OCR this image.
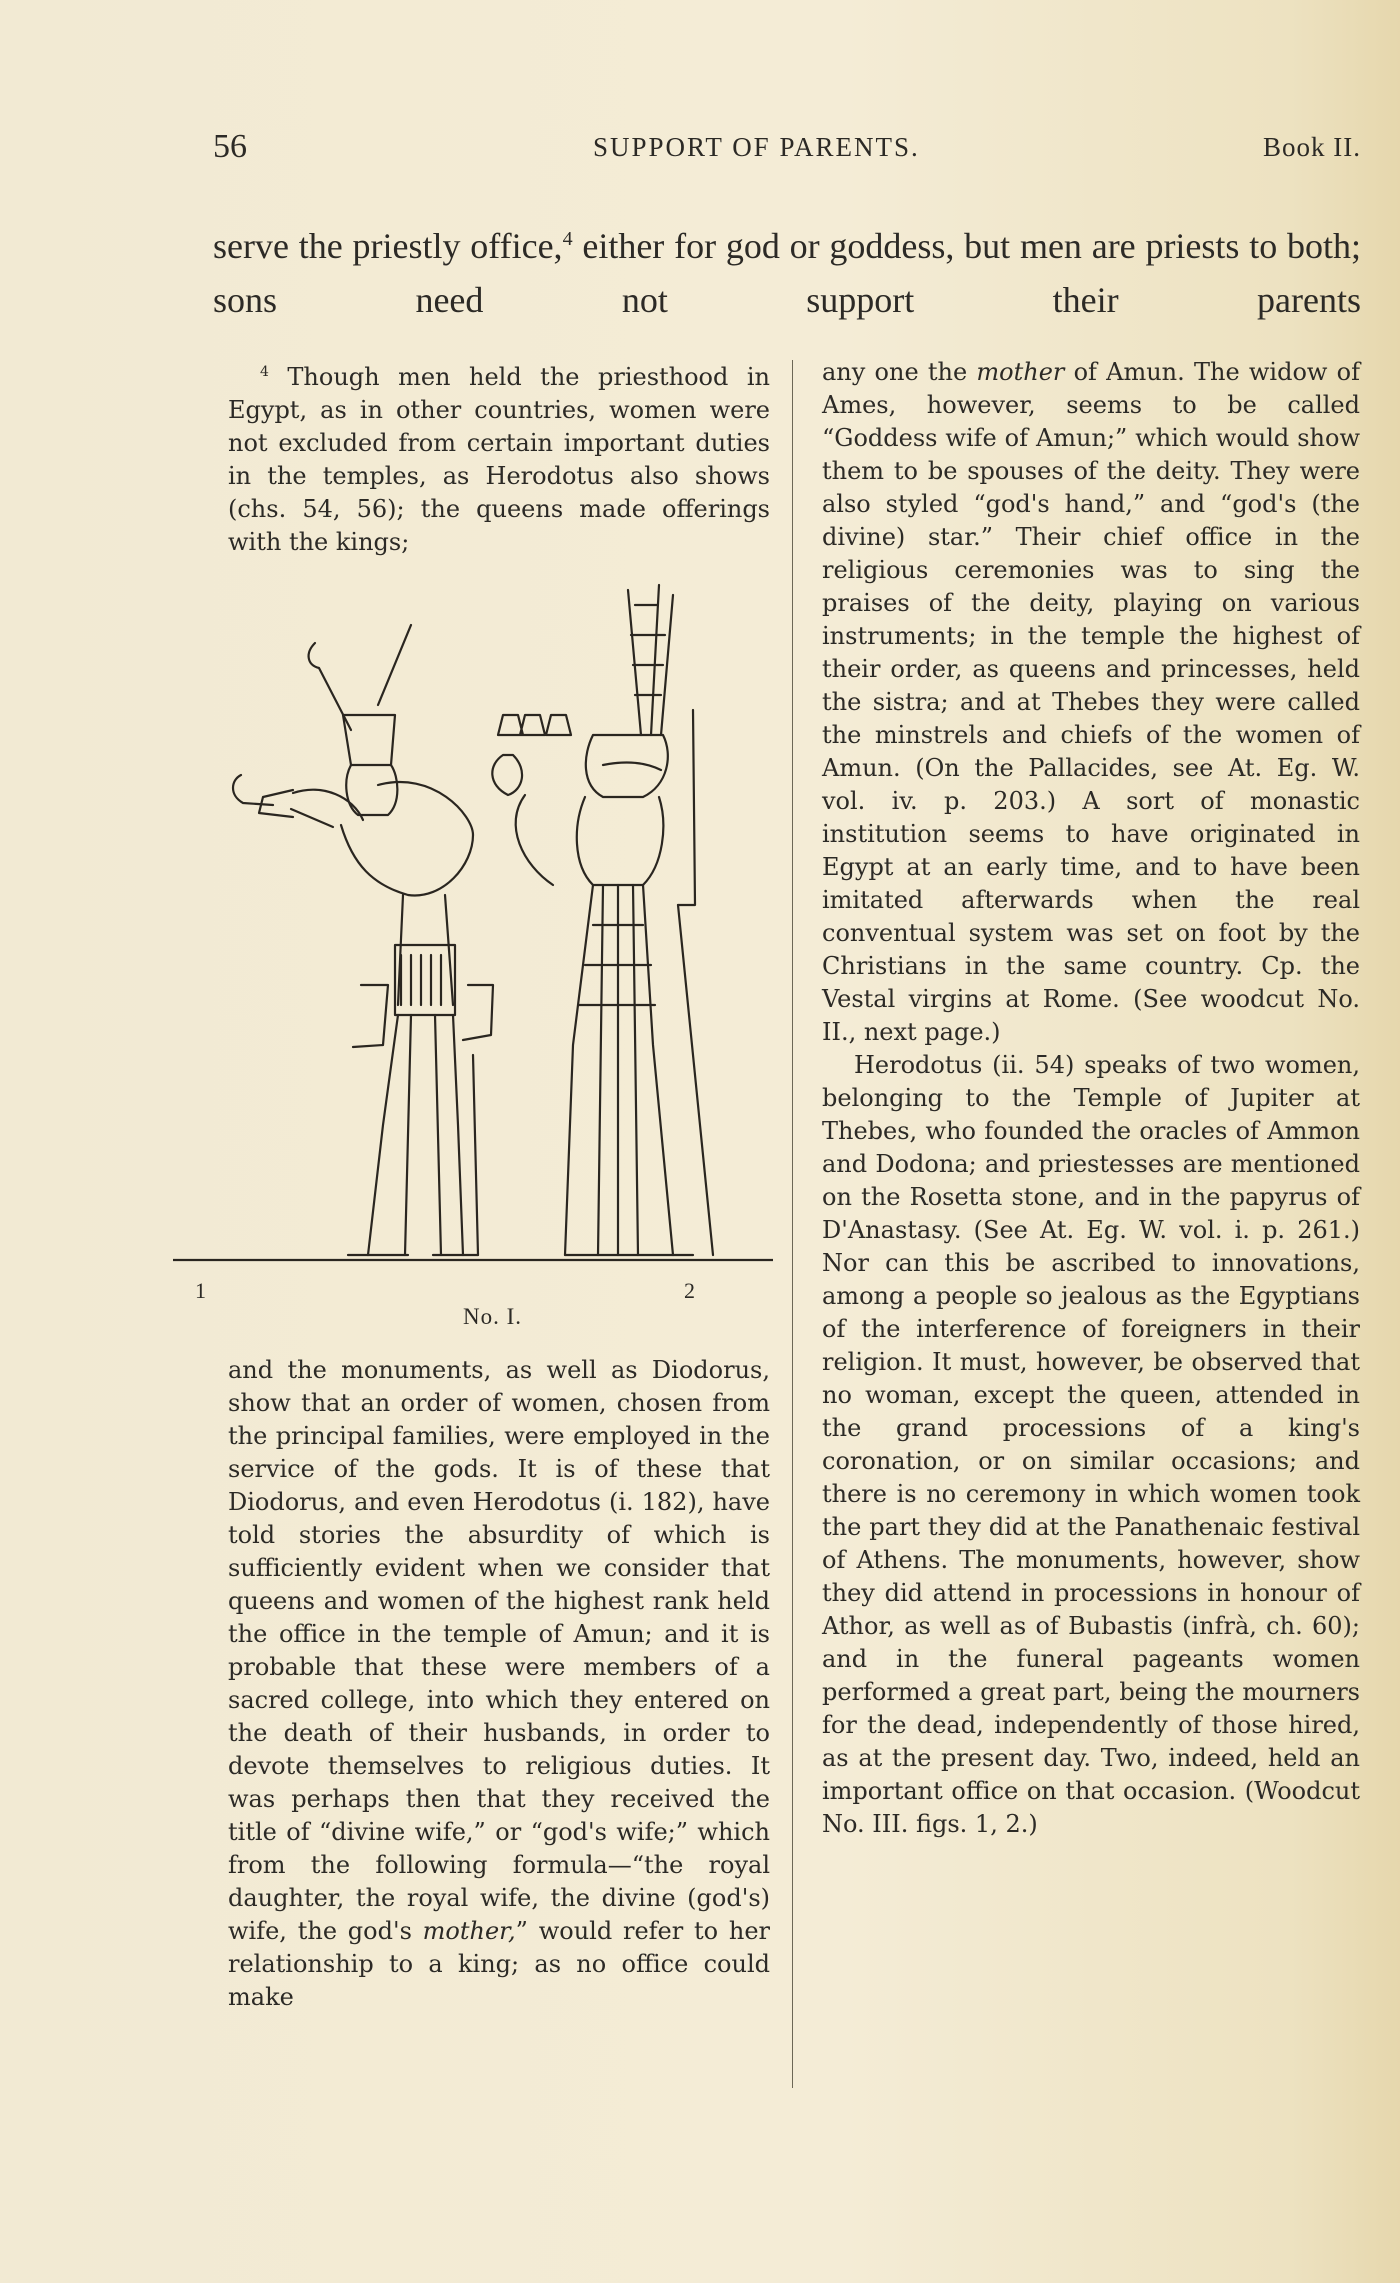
56	SUPPORT OF PARENTS.	Book II.
serve the priestly office,$^4$ either for god or goddess, but men are priests to both; sons need not support their parents

$^4$ Though men held the priesthood in Egypt, as in other countries, women were not excluded from certain important duties in the temples, as Herodotus also shows (chs. 54, 56); the queens made offerings with the kings;

1	2
No. I.

and the monuments, as well as Diodorus, show that an order of women, chosen from the principal families, were employed in the service of the gods. It is of these that Diodorus, and even Herodotus (i. 182), have told stories the absurdity of which is sufficiently evident when we consider that queens and women of the highest rank held the office in the temple of Amun; and it is probable that these were members of a sacred college, into which they entered on the death of their husbands, in order to devote themselves to religious duties. It was perhaps then that they received the title of “divine wife,” or “god's wife;” which from the following formula—“the royal daughter, the royal wife, the divine (god's) wife, the god's mother,” would refer to her relationship to a king; as no office could make

any one the mother of Amun. The widow of Ames, however, seems to be called “Goddess wife of Amun;” which would show them to be spouses of the deity. They were also styled “god's hand,” and “god's (the divine) star.” Their chief office in the religious ceremonies was to sing the praises of the deity, playing on various instruments; in the temple the highest of their order, as queens and princesses, held the sistra; and at Thebes they were called the minstrels and chiefs of the women of Amun. (On the Pallacides, see At. Eg. W. vol. iv. p. 203.) A sort of monastic institution seems to have originated in Egypt at an early time, and to have been imitated afterwards when the real conventual system was set on foot by the Christians in the same country. Cp. the Vestal virgins at Rome. (See woodcut No. II., next page.)

Herodotus (ii. 54) speaks of two women, belonging to the Temple of Jupiter at Thebes, who founded the oracles of Ammon and Dodona; and priestesses are mentioned on the Rosetta stone, and in the papyrus of D'Anastasy. (See At. Eg. W. vol. i. p. 261.) Nor can this be ascribed to innovations, among a people so jealous as the Egyptians of the interference of foreigners in their religion. It must, however, be observed that no woman, except the queen, attended in the grand processions of a king's coronation, or on similar occasions; and there is no ceremony in which women took the part they did at the Panathenaic festival of Athens. The monuments, however, show they did attend in processions in honour of Athor, as well as of Bubastis (infrà, ch. 60); and in the funeral pageants women performed a great part, being the mourners for the dead, independently of those hired, as at the present day. Two, indeed, held an important office on that occasion. (Woodcut No. III. figs. 1, 2.)
